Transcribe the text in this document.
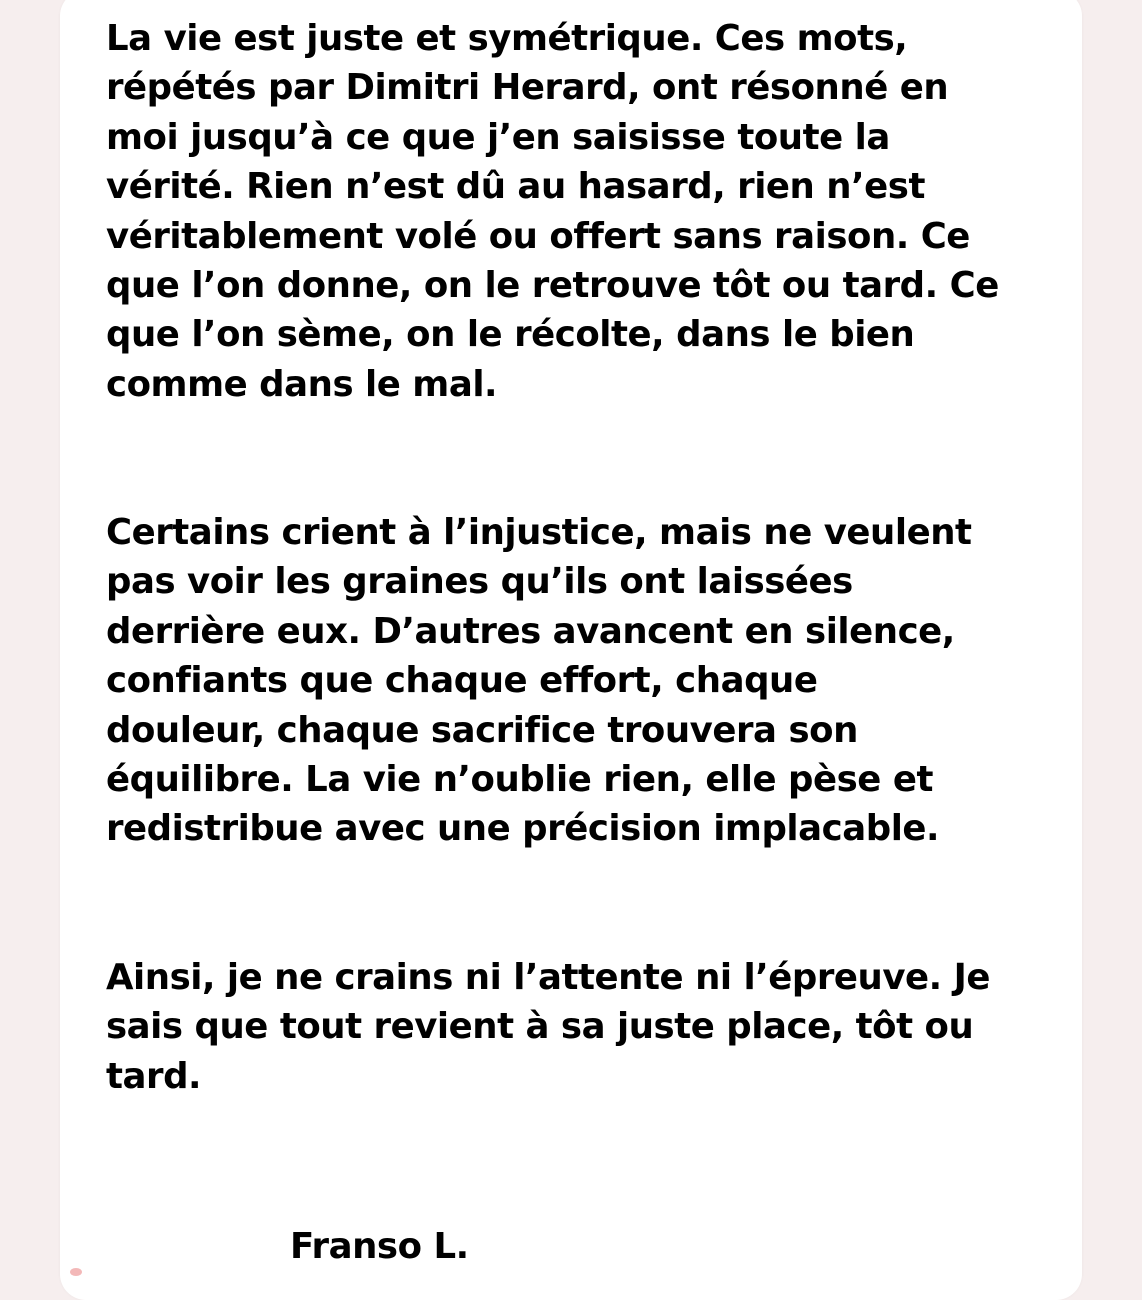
La vie est juste et symétrique. Ces mots,
répétés par Dimitri Herard, ont résonné en
moi jusqu’à ce que j’en saisisse toute la
vérité. Rien n’est dû au hasard, rien n’est
véritablement volé ou offert sans raison. Ce
que l’on donne, on le retrouve tôt ou tard. Ce
que l’on sème, on le récolte, dans le bien
comme dans le mal.

Certains crient à l’injustice, mais ne veulent
pas voir les graines qu’ils ont laissées
derrière eux. D’autres avancent en silence,
confiants que chaque effort, chaque
douleur, chaque sacrifice trouvera son
équilibre. La vie n’oublie rien, elle pèse et
redistribue avec une précision implacable.

Ainsi, je ne crains ni l’attente ni l’épreuve. Je
sais que tout revient à sa juste place, tôt ou
tard.

Franso L.
